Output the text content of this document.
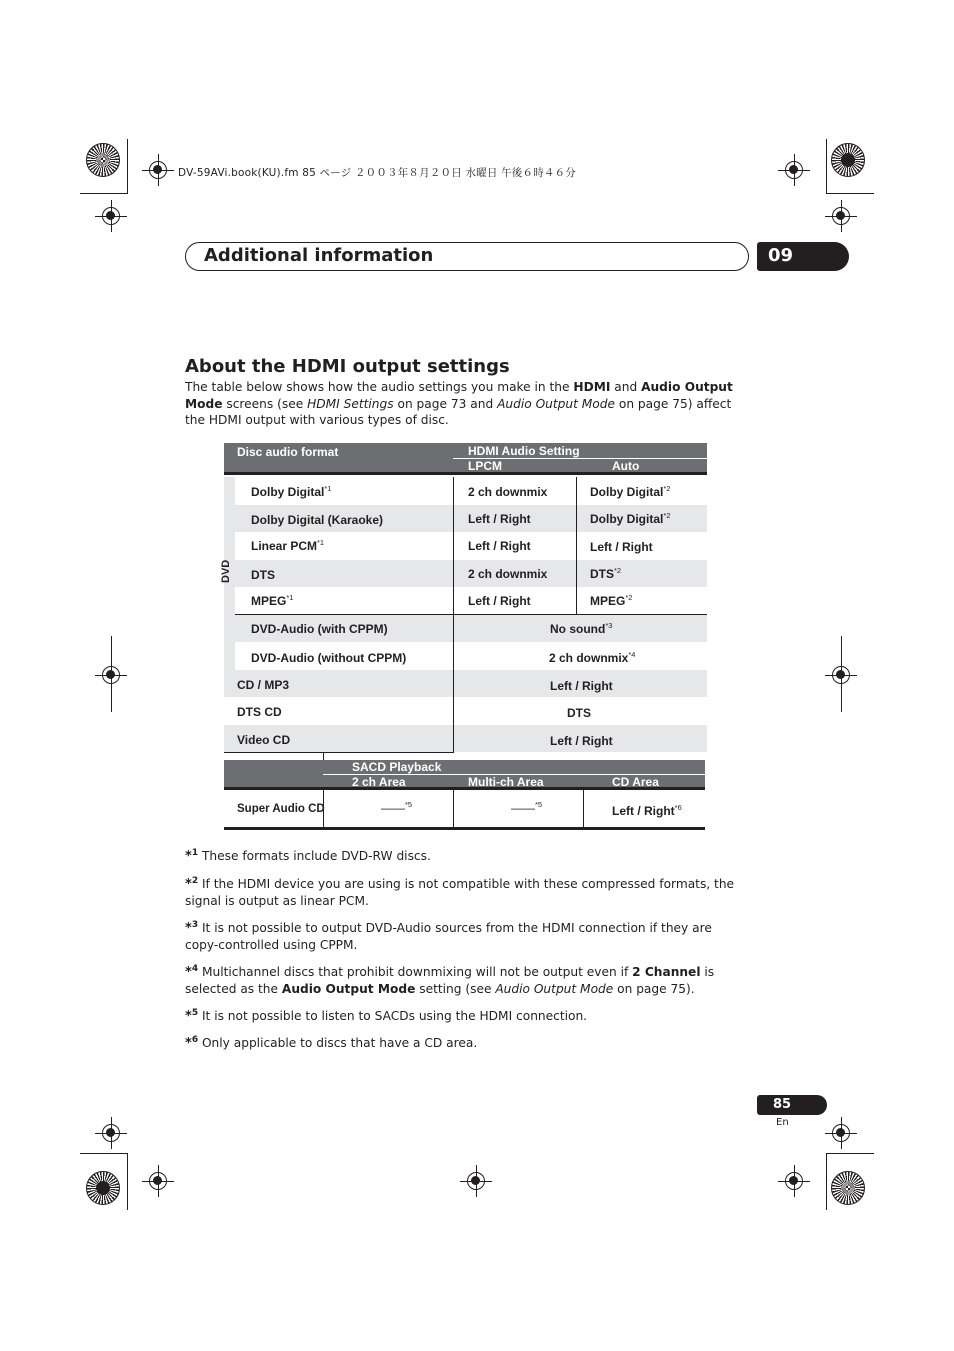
DV-59AVi.book(KU).fm 85 ページ ２００３年８月２０日 水曜日 午後６時４６分
Additional information	09
About the HDMI output settings
The table below shows how the audio settings you make in the HDMI and Audio Output Mode screens (see HDMI Settings on page 73 and Audio Output Mode on page 75) affect the HDMI output with various types of disc.
Disc audio format	HDMI Audio Setting
LPCM	Auto
DVD
Dolby Digital$^{*1}$	2 ch downmix	Dolby Digital$^{*2}$
Dolby Digital (Karaoke)	Left / Right	Dolby Digital$^{*2}$
Linear PCM$^{*1}$	Left / Right	Left / Right
DTS	2 ch downmix	DTS$^{*2}$
MPEG$^{*1}$	Left / Right	MPEG$^{*2}$
DVD-Audio (with CPPM)	No sound$^{*3}$
DVD-Audio (without CPPM)	2 ch downmix$^{*4}$
CD / MP3	Left / Right
DTS CD	DTS
Video CD	Left / Right
SACD Playback
2 ch Area	Multi-ch Area	CD Area
Super Audio CD	——$^{*5}$	——$^{*5}$	Left / Right$^{*6}$
*$^1$ These formats include DVD-RW discs.
*$^2$ If the HDMI device you are using is not compatible with these compressed formats, the signal is output as linear PCM.
*$^3$ It is not possible to output DVD-Audio sources from the HDMI connection if they are copy-controlled using CPPM.
*$^4$ Multichannel discs that prohibit downmixing will not be output even if 2 Channel is selected as the Audio Output Mode setting (see Audio Output Mode on page 75).
*$^5$ It is not possible to listen to SACDs using the HDMI connection.
*$^6$ Only applicable to discs that have a CD area.
85
En
